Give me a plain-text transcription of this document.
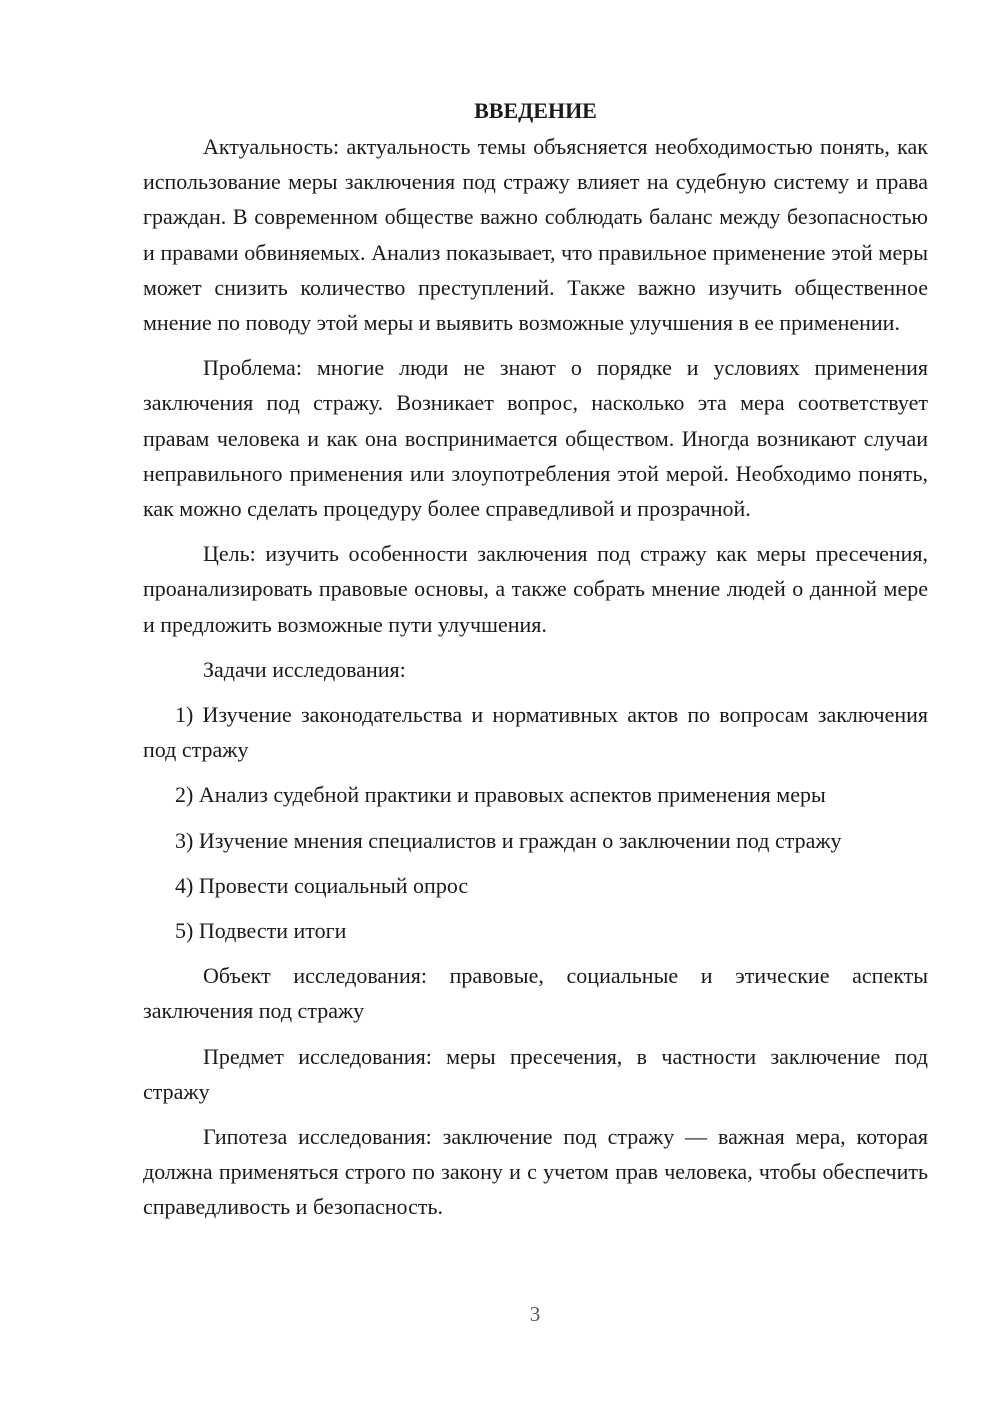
ВВЕДЕНИЕ

Актуальность: актуальность темы объясняется необходимостью понять, как использование меры заключения под стражу влияет на судебную систему и права граждан. В современном обществе важно соблюдать баланс между безопасностью и правами обвиняемых. Анализ показывает, что правильное применение этой меры может снизить количество преступлений. Также важно изучить общественное мнение по поводу этой меры и выявить возможные улучшения в ее применении.

Проблема: многие люди не знают о порядке и условиях применения заключения под стражу. Возникает вопрос, насколько эта мера соответствует правам человека и как она воспринимается обществом. Иногда возникают случаи неправильного применения или злоупотребления этой мерой. Необходимо понять, как можно сделать процедуру более справедливой и прозрачной.

Цель: изучить особенности заключения под стражу как меры пресечения, проанализировать правовые основы, а также собрать мнение людей о данной мере и предложить возможные пути улучшения.

Задачи исследования:

1) Изучение законодательства и нормативных актов по вопросам заключения под стражу

2) Анализ судебной практики и правовых аспектов применения меры

3) Изучение мнения специалистов и граждан о заключении под стражу

4) Провести социальный опрос

5) Подвести итоги

Объект исследования: правовые, социальные и этические аспекты заключения под стражу

Предмет исследования: меры пресечения, в частности заключение под стражу

Гипотеза исследования: заключение под стражу — важная мера, которая должна применяться строго по закону и с учетом прав человека, чтобы обеспечить справедливость и безопасность.

3
